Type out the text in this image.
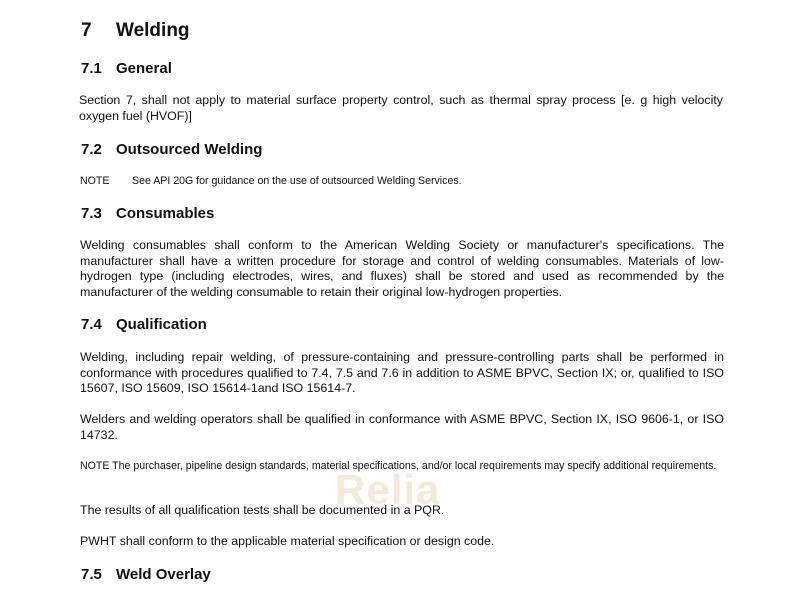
7 Welding
7.1 General
Section 7, shall not apply to material surface property control, such as thermal spray process [e. g high velocity oxygen fuel (HVOF)]
7.2 Outsourced Welding
NOTE See API 20G for guidance on the use of outsourced Welding Services.
7.3 Consumables
Welding consumables shall conform to the American Welding Society or manufacturer's specifications. The manufacturer shall have a written procedure for storage and control of welding consumables. Materials of low-hydrogen type (including electrodes, wires, and fluxes) shall be stored and used as recommended by the manufacturer of the welding consumable to retain their original low-hydrogen properties.
7.4 Qualification
Welding, including repair welding, of pressure-containing and pressure-controlling parts shall be performed in conformance with procedures qualified to 7.4, 7.5 and 7.6 in addition to ASME BPVC, Section IX; or, qualified to ISO 15607, ISO 15609, ISO 15614-1and ISO 15614-7.
Welders and welding operators shall be qualified in conformance with ASME BPVC, Section IX, ISO 9606-1, or ISO 14732.
NOTE The purchaser, pipeline design standards, material specifications, and/or local requirements may specify additional requirements.
Relia
The results of all qualification tests shall be documented in a PQR.
PWHT shall conform to the applicable material specification or design code.
7.5 Weld Overlay
